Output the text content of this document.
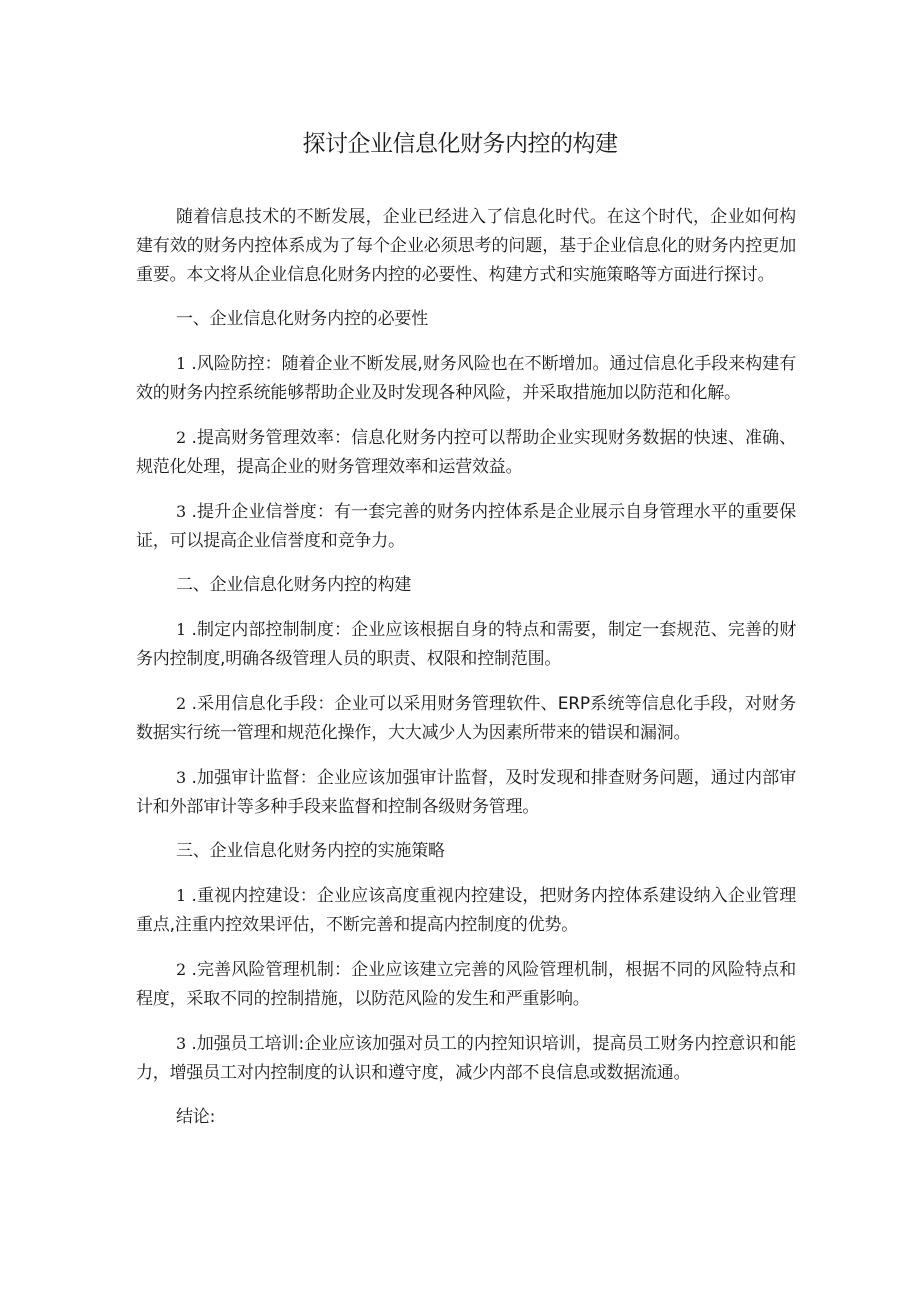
探讨企业信息化财务内控的构建

随着信息技术的不断发展，企业已经进入了信息化时代。在这个时代，企业如何构建有效的财务内控体系成为了每个企业必须思考的问题，基于企业信息化的财务内控更加重要。本文将从企业信息化财务内控的必要性、构建方式和实施策略等方面进行探讨。

一、企业信息化财务内控的必要性

1 .风险防控：随着企业不断发展,财务风险也在不断增加。通过信息化手段来构建有效的财务内控系统能够帮助企业及时发现各种风险，并采取措施加以防范和化解。

2 .提高财务管理效率：信息化财务内控可以帮助企业实现财务数据的快速、准确、规范化处理，提高企业的财务管理效率和运营效益。

3 .提升企业信誉度：有一套完善的财务内控体系是企业展示自身管理水平的重要保证，可以提高企业信誉度和竞争力。

二、企业信息化财务内控的构建

1 .制定内部控制制度：企业应该根据自身的特点和需要，制定一套规范、完善的财务内控制度,明确各级管理人员的职责、权限和控制范围。

2 .采用信息化手段：企业可以采用财务管理软件、ERP系统等信息化手段，对财务数据实行统一管理和规范化操作，大大减少人为因素所带来的错误和漏洞。

3 .加强审计监督：企业应该加强审计监督，及时发现和排查财务问题，通过内部审计和外部审计等多种手段来监督和控制各级财务管理。

三、企业信息化财务内控的实施策略

1 .重视内控建设：企业应该高度重视内控建设，把财务内控体系建设纳入企业管理重点,注重内控效果评估，不断完善和提高内控制度的优势。

2 .完善风险管理机制：企业应该建立完善的风险管理机制，根据不同的风险特点和程度，采取不同的控制措施，以防范风险的发生和严重影响。

3 .加强员工培训:企业应该加强对员工的内控知识培训，提高员工财务内控意识和能力，增强员工对内控制度的认识和遵守度，减少内部不良信息或数据流通。

结论:
